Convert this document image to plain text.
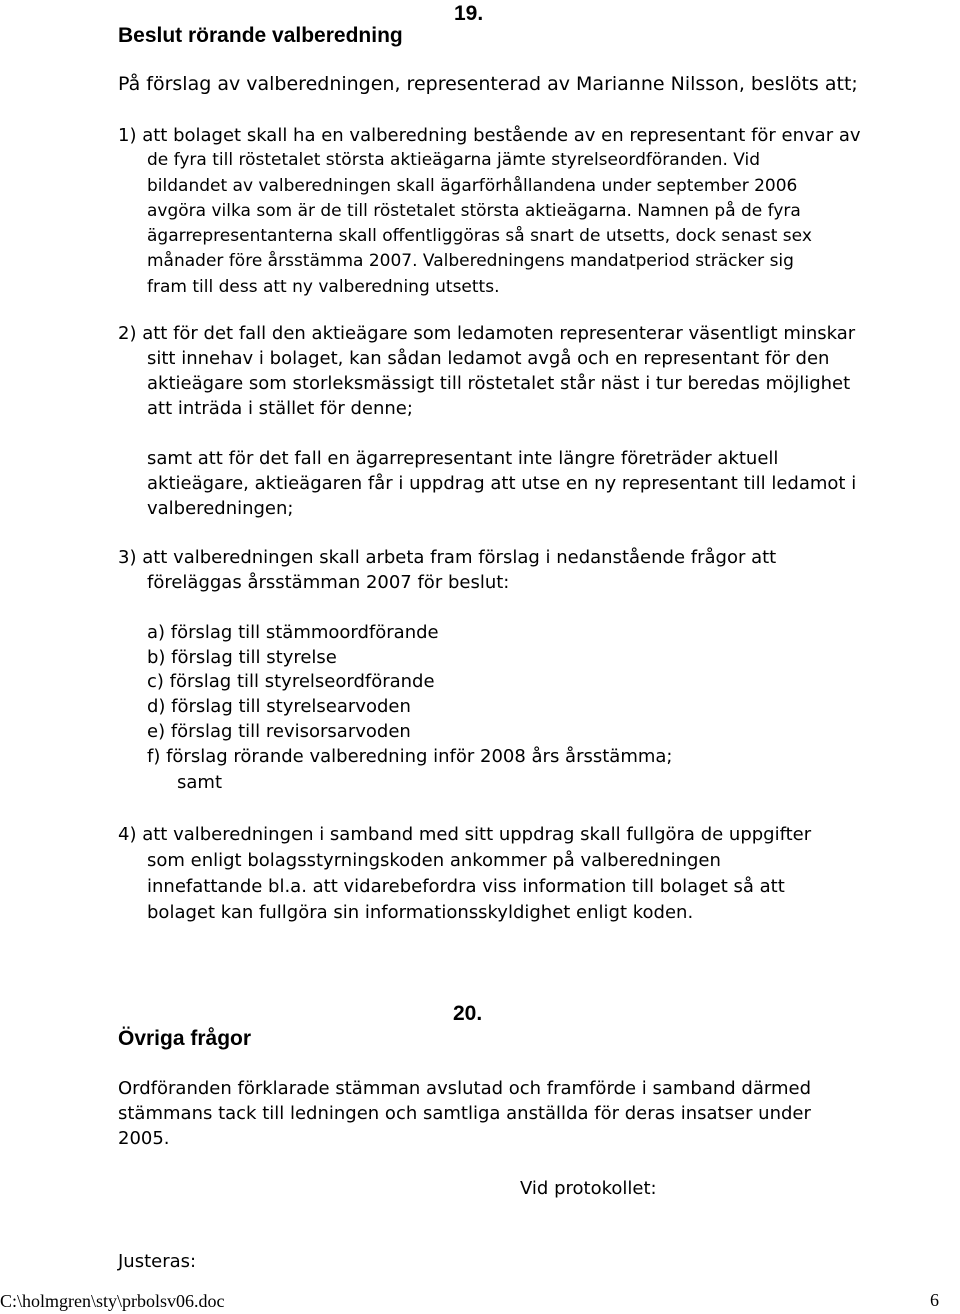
Beslut rörande valberedning
19.
På förslag av valberedningen, representerad av Marianne Nilsson, beslöts att;
1) att bolaget skall ha en valberedning bestående av en representant för envar av
de fyra till röstetalet största aktieägarna jämte styrelseordföranden. Vid
bildandet av valberedningen skall ägarförhållandena under september 2006
avgöra vilka som är de till röstetalet största aktieägarna. Namnen på de fyra
ägarrepresentanterna skall offentliggöras så snart de utsetts, dock senast sex
månader före årsstämma 2007. Valberedningens mandatperiod sträcker sig
fram till dess att ny valberedning utsetts.
2) att för det fall den aktieägare som ledamoten representerar väsentligt minskar
sitt innehav i bolaget, kan sådan ledamot avgå och en representant för den
aktieägare som storleksmässigt till röstetalet står näst i tur beredas möjlighet
att inträda i stället för denne;
samt att för det fall en ägarrepresentant inte längre företräder aktuell
aktieägare, aktieägaren får i uppdrag att utse en ny representant till ledamot i
valberedningen;
3) att valberedningen skall arbeta fram förslag i nedanstående frågor att
föreläggas årsstämman 2007 för beslut:
a) förslag till stämmoordförande
b) förslag till styrelse
c) förslag till styrelseordförande
d) förslag till styrelsearvoden
e) förslag till revisorsarvoden
f) förslag rörande valberedning inför 2008 års årsstämma;
samt
4) att valberedningen i samband med sitt uppdrag skall fullgöra de uppgifter
som enligt bolagsstyrningskoden ankommer på valberedningen
innefattande bl.a. att vidarebefordra viss information till bolaget så att
bolaget kan fullgöra sin informationsskyldighet enligt koden.
20.
Övriga frågor
Ordföranden förklarade stämman avslutad och framförde i samband därmed
stämmans tack till ledningen och samtliga anställda för deras insatser under
2005.
Vid protokollet:
Justeras:
C:\holmgren\sty\prbolsv06.doc	6
